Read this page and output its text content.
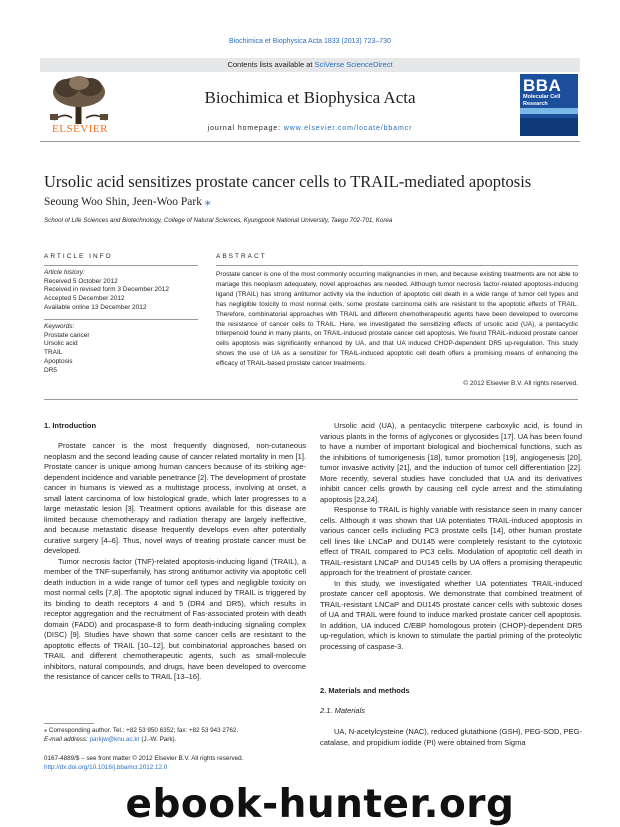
Biochimica et Biophysica Acta 1833 (2013) 723–730
Contents lists available at SciVerse ScienceDirect
ELSEVIER
Biochimica et Biophysica Acta
journal homepage: www.elsevier.com/locate/bbamcr
BBA
Molecular Cell Research
Ursolic acid sensitizes prostate cancer cells to TRAIL-mediated apoptosis
Seoung Woo Shin, Jeen-Woo Park ⁎
School of Life Sciences and Biotechnology, College of Natural Sciences, Kyungpook National University, Taegu 702-701, Korea
ARTICLE INFO
Article history:
Received 5 October 2012
Received in revised form 3 December 2012
Accepted 5 December 2012
Available online 13 December 2012
Keywords:
Prostate cancer
Ursolic acid
TRAIL
Apoptosis
DR5
ABSTRACT
Prostate cancer is one of the most commonly occurring malignancies in men, and because existing treatments are not able to manage this neoplasm adequately, novel approaches are needed. Although tumor necrosis factor-related apoptosis-inducing ligand (TRAIL) has strong antitumor activity via the induction of apoptotic cell death in a wide range of tumor cell types and has negligible toxicity to most normal cells, some prostate carcinoma cells are resistant to the apoptotic effects of TRAIL. Therefore, combinatorial approaches with TRAIL and different chemotherapeutic agents have been developed to overcome the resistance of cancer cells to TRAIL. Here, we investigated the sensitizing effects of ursolic acid (UA), a pentacyclic triterpenoid found in many plants, on TRAIL-induced prostate cancer cell apoptosis. We found TRAIL-induced prostate cancer cells apoptosis was significantly enhanced by UA, and that UA induced CHOP-dependent DR5 up-regulation. This study shows the use of UA as a sensitizer for TRAIL-induced apoptotic cell death offers a promising means of enhancing the efficacy of TRAIL-based prostate cancer treatments.
© 2012 Elsevier B.V. All rights reserved.
1. Introduction

Prostate cancer is the most frequently diagnosed, non-cutaneous neoplasm and the second leading cause of cancer related mortality in men [1]. Prostate cancer is unique among human cancers because of its striking age-dependent incidence and variable penetrance [2]. The development of prostate cancer in humans is viewed as a multistage process, involving at onset, a small latent carcinoma of low histological grade, which later progresses to a large metastatic lesion [3]. Treatment options available for this disease are limited because chemotherapy and radiation therapy are largely ineffective, and because metastatic disease frequently develops even after potentially curative surgery [4–6]. Thus, novel ways of treating prostate cancer must be developed.

Tumor necrosis factor (TNF)-related apoptosis-inducing ligand (TRAIL), a member of the TNF-superfamily, has strong antitumor activity via apoptotic cell death induction in a wide range of tumor cell types and negligible toxicity on most normal cells [7,8]. The apoptotic signal induced by TRAIL is triggered by its binding to death receptors 4 and 5 (DR4 and DR5), which results in receptor aggregation and the recruitment of Fas-associated protein with death domain (FADD) and procaspase-8 to form death-inducing signaling complex (DISC) [9]. Studies have shown that some cancer cells are resistant to the apoptotic effects of TRAIL [10–12], but combinatorial approaches based on TRAIL and different chemotherapeutic agents, such as small-molecule inhibitors, natural compounds, and drugs, have been developed to overcome the resistance of cancer cells to TRAIL [13–16].

⁎ Corresponding author. Tel.: +82 53 950 6352; fax: +82 53 943 2762.
E-mail address: parkjw@knu.ac.kr (J.-W. Park).
0167-4889/$ – see front matter © 2012 Elsevier B.V. All rights reserved.
http://dx.doi.org/10.1016/j.bbamcr.2012.12.0

Ursolic acid (UA), a pentacyclic triterpene carboxylic acid, is found in various plants in the forms of aglycones or glycosides [17]. UA has been found to have a number of important biological and biochemical functions, such as the inhibitions of tumorigenesis [18], tumor promotion [19], angiogenesis [20], tumor invasive activity [21], and the induction of tumor cell differentiation [22]. More recently, several studies have concluded that UA and its derivatives inhibit cancer cells growth by causing cell cycle arrest and the stimulating apoptosis [23,24].

Response to TRAIL is highly variable with resistance seen in many cancer cells. Although it was shown that UA potentiates TRAIL-induced apoptosis in various cancer cells including PC3 prostate cells [14], other human prostate cell lines like LNCaP and DU145 were completely resistant to the cytotoxic effect of TRAIL compared to PC3 cells. Modulation of apoptotic cell death in TRAIL-resistant LNCaP and DU145 cells by UA offers a promising therapeutic approach for the treatment of prostate cancer.

In this study, we investigated whether UA potentiates TRAIL-induced prostate cancer cell apoptosis. We demonstrate that combined treatment of TRAIL-resistant LNCaP and DU145 prostate cancer cells with subtoxic doses of UA and TRAIL were found to induce marked prostate cancer cell apoptosis. In addition, UA induced C/EBP homologous protein (CHOP)-dependent DR5 up-regulation, which is known to stimulate the partial priming of the proteolytic processing of caspase-3.

2. Materials and methods
2.1. Materials

UA, N-acetylcysteine (NAC), reduced glutathione (GSH), PEG-SOD, PEG-catalase, and propidium iodide (PI) were obtained from Sigma

ebook-hunter.org
